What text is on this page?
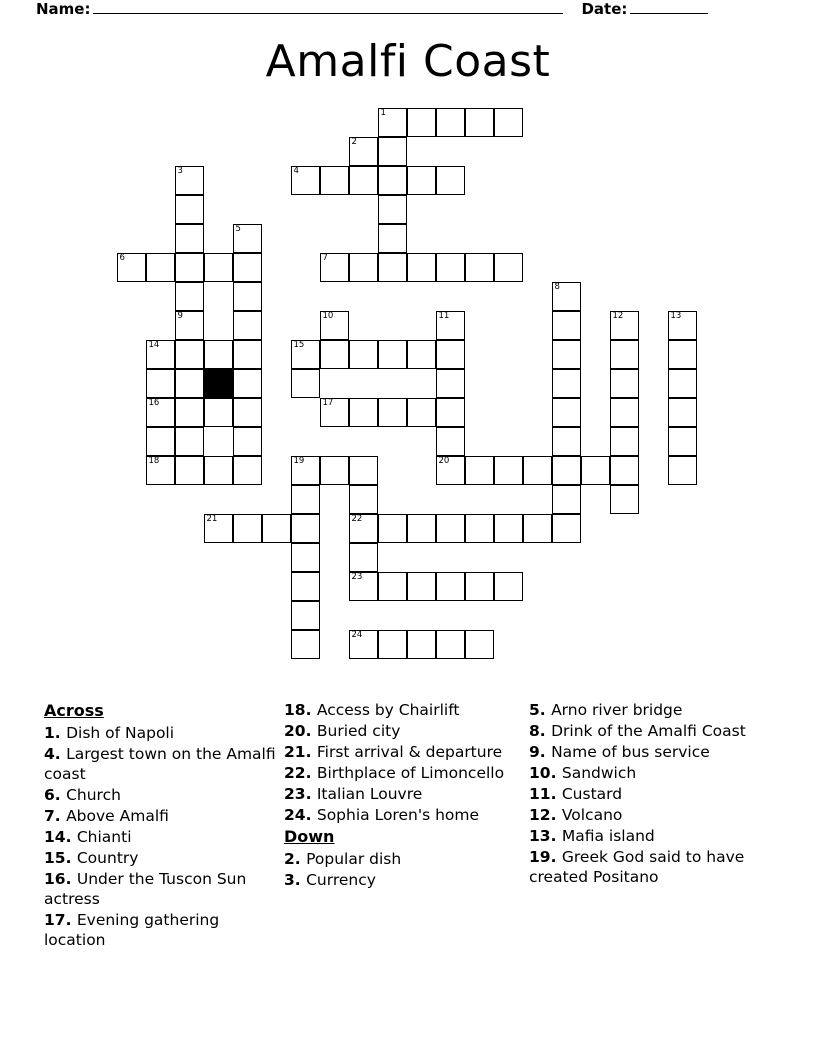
Name:	Date:
Amalfi Coast
1
2
3	4
5
6	7
8
9	10	11	12	13
14	15
16	17
18	19	20
21	22
23
24
Across

1. Dish of Napoli

4. Largest town on the Amalfi coast

6. Church

7. Above Amalfi

14. Chianti

15. Country

16. Under the Tuscon Sun actress

17. Evening gathering location

18. Access by Chairlift

20. Buried city

21. First arrival & departure

22. Birthplace of Limoncello

23. Italian Louvre

24. Sophia Loren's home

Down

2. Popular dish

3. Currency

5. Arno river bridge

8. Drink of the Amalfi Coast

9. Name of bus service

10. Sandwich

11. Custard

12. Volcano

13. Mafia island

19. Greek God said to have created Positano
